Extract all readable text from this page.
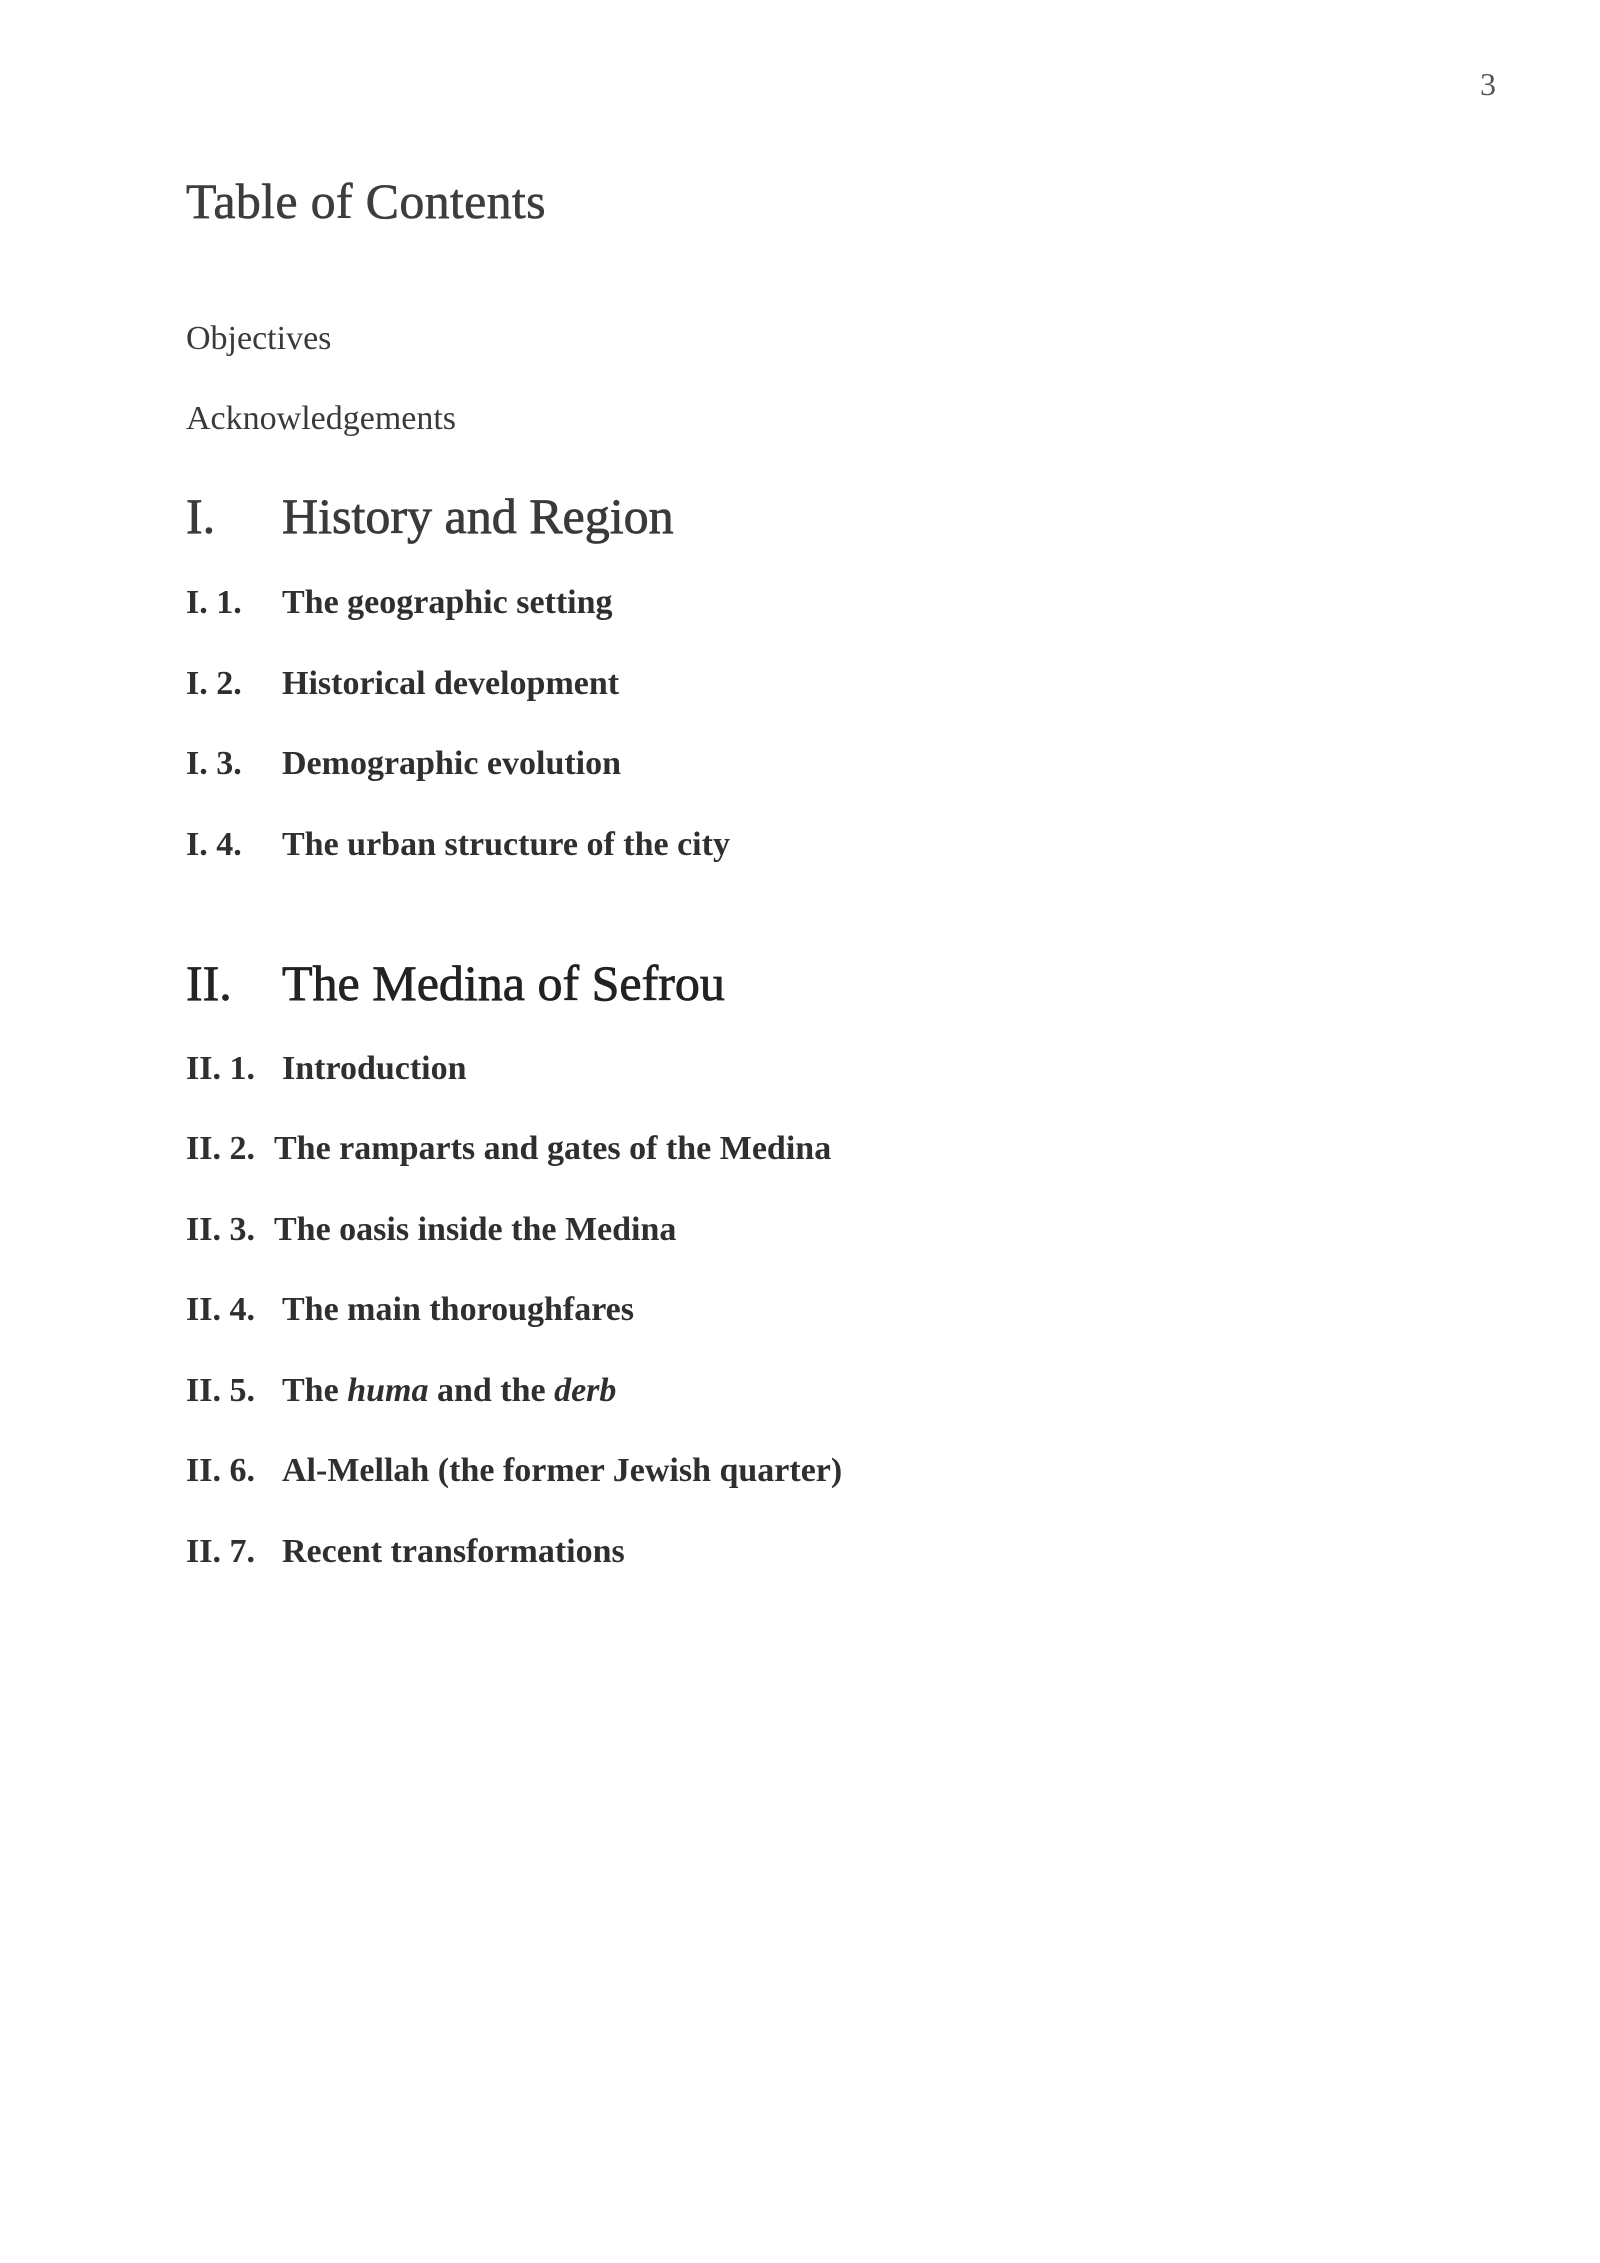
3
Table of Contents
Objectives
Acknowledgements
I. History and Region
I. 1. The geographic setting
I. 2. Historical development
I. 3. Demographic evolution
I. 4. The urban structure of the city
II. The Medina of Sefrou
II. 1. Introduction
II. 2. The ramparts and gates of the Medina
II. 3. The oasis inside the Medina
II. 4. The main thoroughfares
II. 5. The huma and the derb
II. 6. Al-Mellah (the former Jewish quarter)
II. 7. Recent transformations
